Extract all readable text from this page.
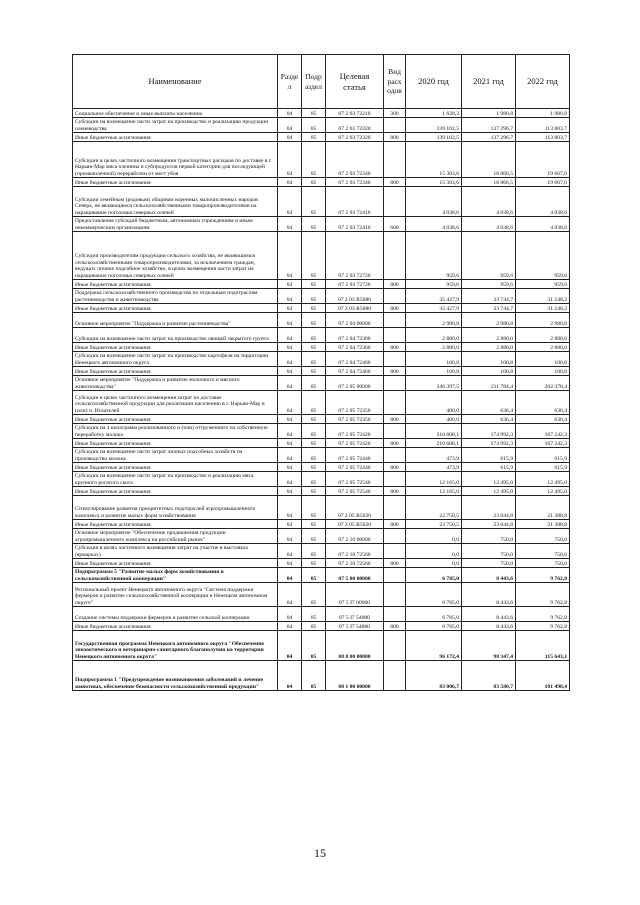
Наименование	Разде л	Подр аздел	Целевая статья	Вид расх одов	2020 год	2021 год	2022 год
Социальное обеспечение и иные выплаты населению	04	05	07 2 03 72210	300	1 628,3	1 980,8	1 980,8
Субсидии на возмещение части затрат на производство и реализацию продукции оленеводства	04	05	07 2 03 72320		139 102,5	137 296,7	113 803,7
Иные бюджетные ассигнования	04	05	07 2 03 72320	800	139 102,5	137 296,7	113 803,7
Субсидии в целях частичного возмещения транспортных расходов по доставке в г. Нарьян-Мар мяса оленины и субпродуктов первой категории для последующей (промышленной) переработки от мест убоя	04	05	07 2 03 72340		15 303,6	18 866,5	19 667,0
Иные бюджетные ассигнования	04	05	07 2 03 72340	800	15 303,6	18 866,5	19 667,0
Субсидии семейным (родовым) общинам коренных малочисленных народов Севера, не являющимся сельскохозяйственными товаропроизводителями на наращивание поголовья северных оленей	04	05	07 2 03 72410		4 038,6	4 038,6	4 038,6
Предоставление субсидий бюджетным, автономным учреждениям и иным некоммерческим организациям	04	05	07 2 03 72410	600	4 038,6	4 038,6	4 038,6
Субсидии производителям продукции сельского хозяйства, не являющимся сельскохозяйственными товаропроизводителями, за исключением граждан, ведущих личное подсобное хозяйство, в целях возмещения части затрат на наращивание поголовья северных оленей	04	05	07 2 03 72720		959,6	959,6	959,6
Иные бюджетные ассигнования	04	05	07 2 03 72720	800	959,6	959,6	959,6
Поддержка сельскохозяйственного производства по отдельным подотраслям растениеводства и животноводства	04	05	07 2 03 R5080		35 427,9	33 744,7	31 248,2
Иные бюджетные ассигнования	04	05	07 2 03 R5080	800	35 427,9	33 744,7	31 248,2
Основное мероприятие "Поддержка и развитие растениеводства"	04	05	07 2 04 00000		2 980,8	2 980,8	2 980,8
Субсидии на возмещение части затрат на производство овощей закрытого грунта	04	05	07 2 04 72360		2 880,0	2 880,0	2 880,0
Иные бюджетные ассигнования	04	05	07 2 04 72360	800	2 880,0	2 880,0	2 880,0
Субсидии на возмещение части затрат на производство картофеля на территории Ненецкого автономного округа	04	05	07 2 04 72460		100,8	100,8	100,8
Иные бюджетные ассигнования	04	05	07 2 04 72460	800	100,8	100,8	100,8
Основное мероприятие "Поддержка и развитие молочного и мясного животноводства"	04	05	07 2 05 00000		246 397,5	211 784,4	202 378,4
Субсидии в целях частичного возмещения затрат по доставке сельскохозяйственной продукции для реализации населению в г. Нарьян-Мар и (или) п. Искателей	04	05	07 2 05 72350		400,0	636,4	636,4
Иные бюджетные ассигнования	04	05	07 2 05 72350	800	400,0	636,4	636,4
Субсидии на 1 килограмм реализованного и (или) отгруженного на собственную переработку молока	04	05	07 2 05 72420		210 608,1	174 992,3	167 242,3
Иные бюджетные ассигнования	04	05	07 2 05 72420	800	210 608,1	174 992,3	167 242,3
Субсидии на возмещение части затрат личных подсобных хозяйств на производство молока	04	05	07 2 05 72440		473,9	615,9	615,9
Иные бюджетные ассигнования	04	05	07 2 05 72440	800	473,9	615,9	615,9
Субсидии на возмещение части затрат на производство и реализацию мяса крупного рогатого скота	04	05	07 2 05 72540		12 165,0	12 495,0	12 495,0
Иные бюджетные ассигнования	04	05	07 2 05 72540	800	12 165,0	12 495,0	12 495,0
Стимулирование развития приоритетных подотраслей агропромышленного комплекса и развитие малых форм хозяйствования	04	05	07 2 05 R5020		22 750,5	23 044,8	21 388,8
Иные бюджетные ассигнования	04	05	07 2 05 R5020	800	22 750,5	23 044,8	21 388,8
Основное мероприятие "Обеспечение продвижения продукции агропромышленного комплекса на российский рынок"	04	05	07 2 10 00000		0,0	750,0	750,0
Субсидия в целях частичного возмещения затрат на участие в выставках (ярмарках)	04	05	07 2 10 72560		0,0	750,0	750,0
Иные бюджетные ассигнования	04	05	07 2 10 72560	800	0,0	750,0	750,0
Подпрограмма 5 "Развитие малых форм хозяйствования в сельскохозяйственной кооперации"	04	05	07 5 00 00000		6 785,0	8 443,6	9 762,8
Региональный проект Ненецкого автономного округа "Система поддержки фермеров и развитие сельскохозяйственной кооперации в Ненецком автономном округе"	04	05	07 5 I7 00000		6 785,0	8 443,6	9 762,8
Создание системы поддержки фермеров и развитие сельской кооперации	04	05	07 5 I7 54800		6 785,0	8 443,6	9 762,8
Иные бюджетные ассигнования	04	05	07 5 I7 54800	800	6 785,0	8 443,6	9 762,8
Государственная программа Ненецкого автономного округа "Обеспечение эпизоотического и ветеринарно-санитарного благополучия на территории Ненецкого автономного округа"	04	05	08 0 00 00000		96 172,4	98 347,4	115 643,1
Подпрограмма 1 "Предупреждение возникновения заболеваний и лечение животных, обеспечение безопасности сельскохозяйственной продукции"	04	05	08 1 00 00000		83 006,7	83 580,7	101 498,4
15
